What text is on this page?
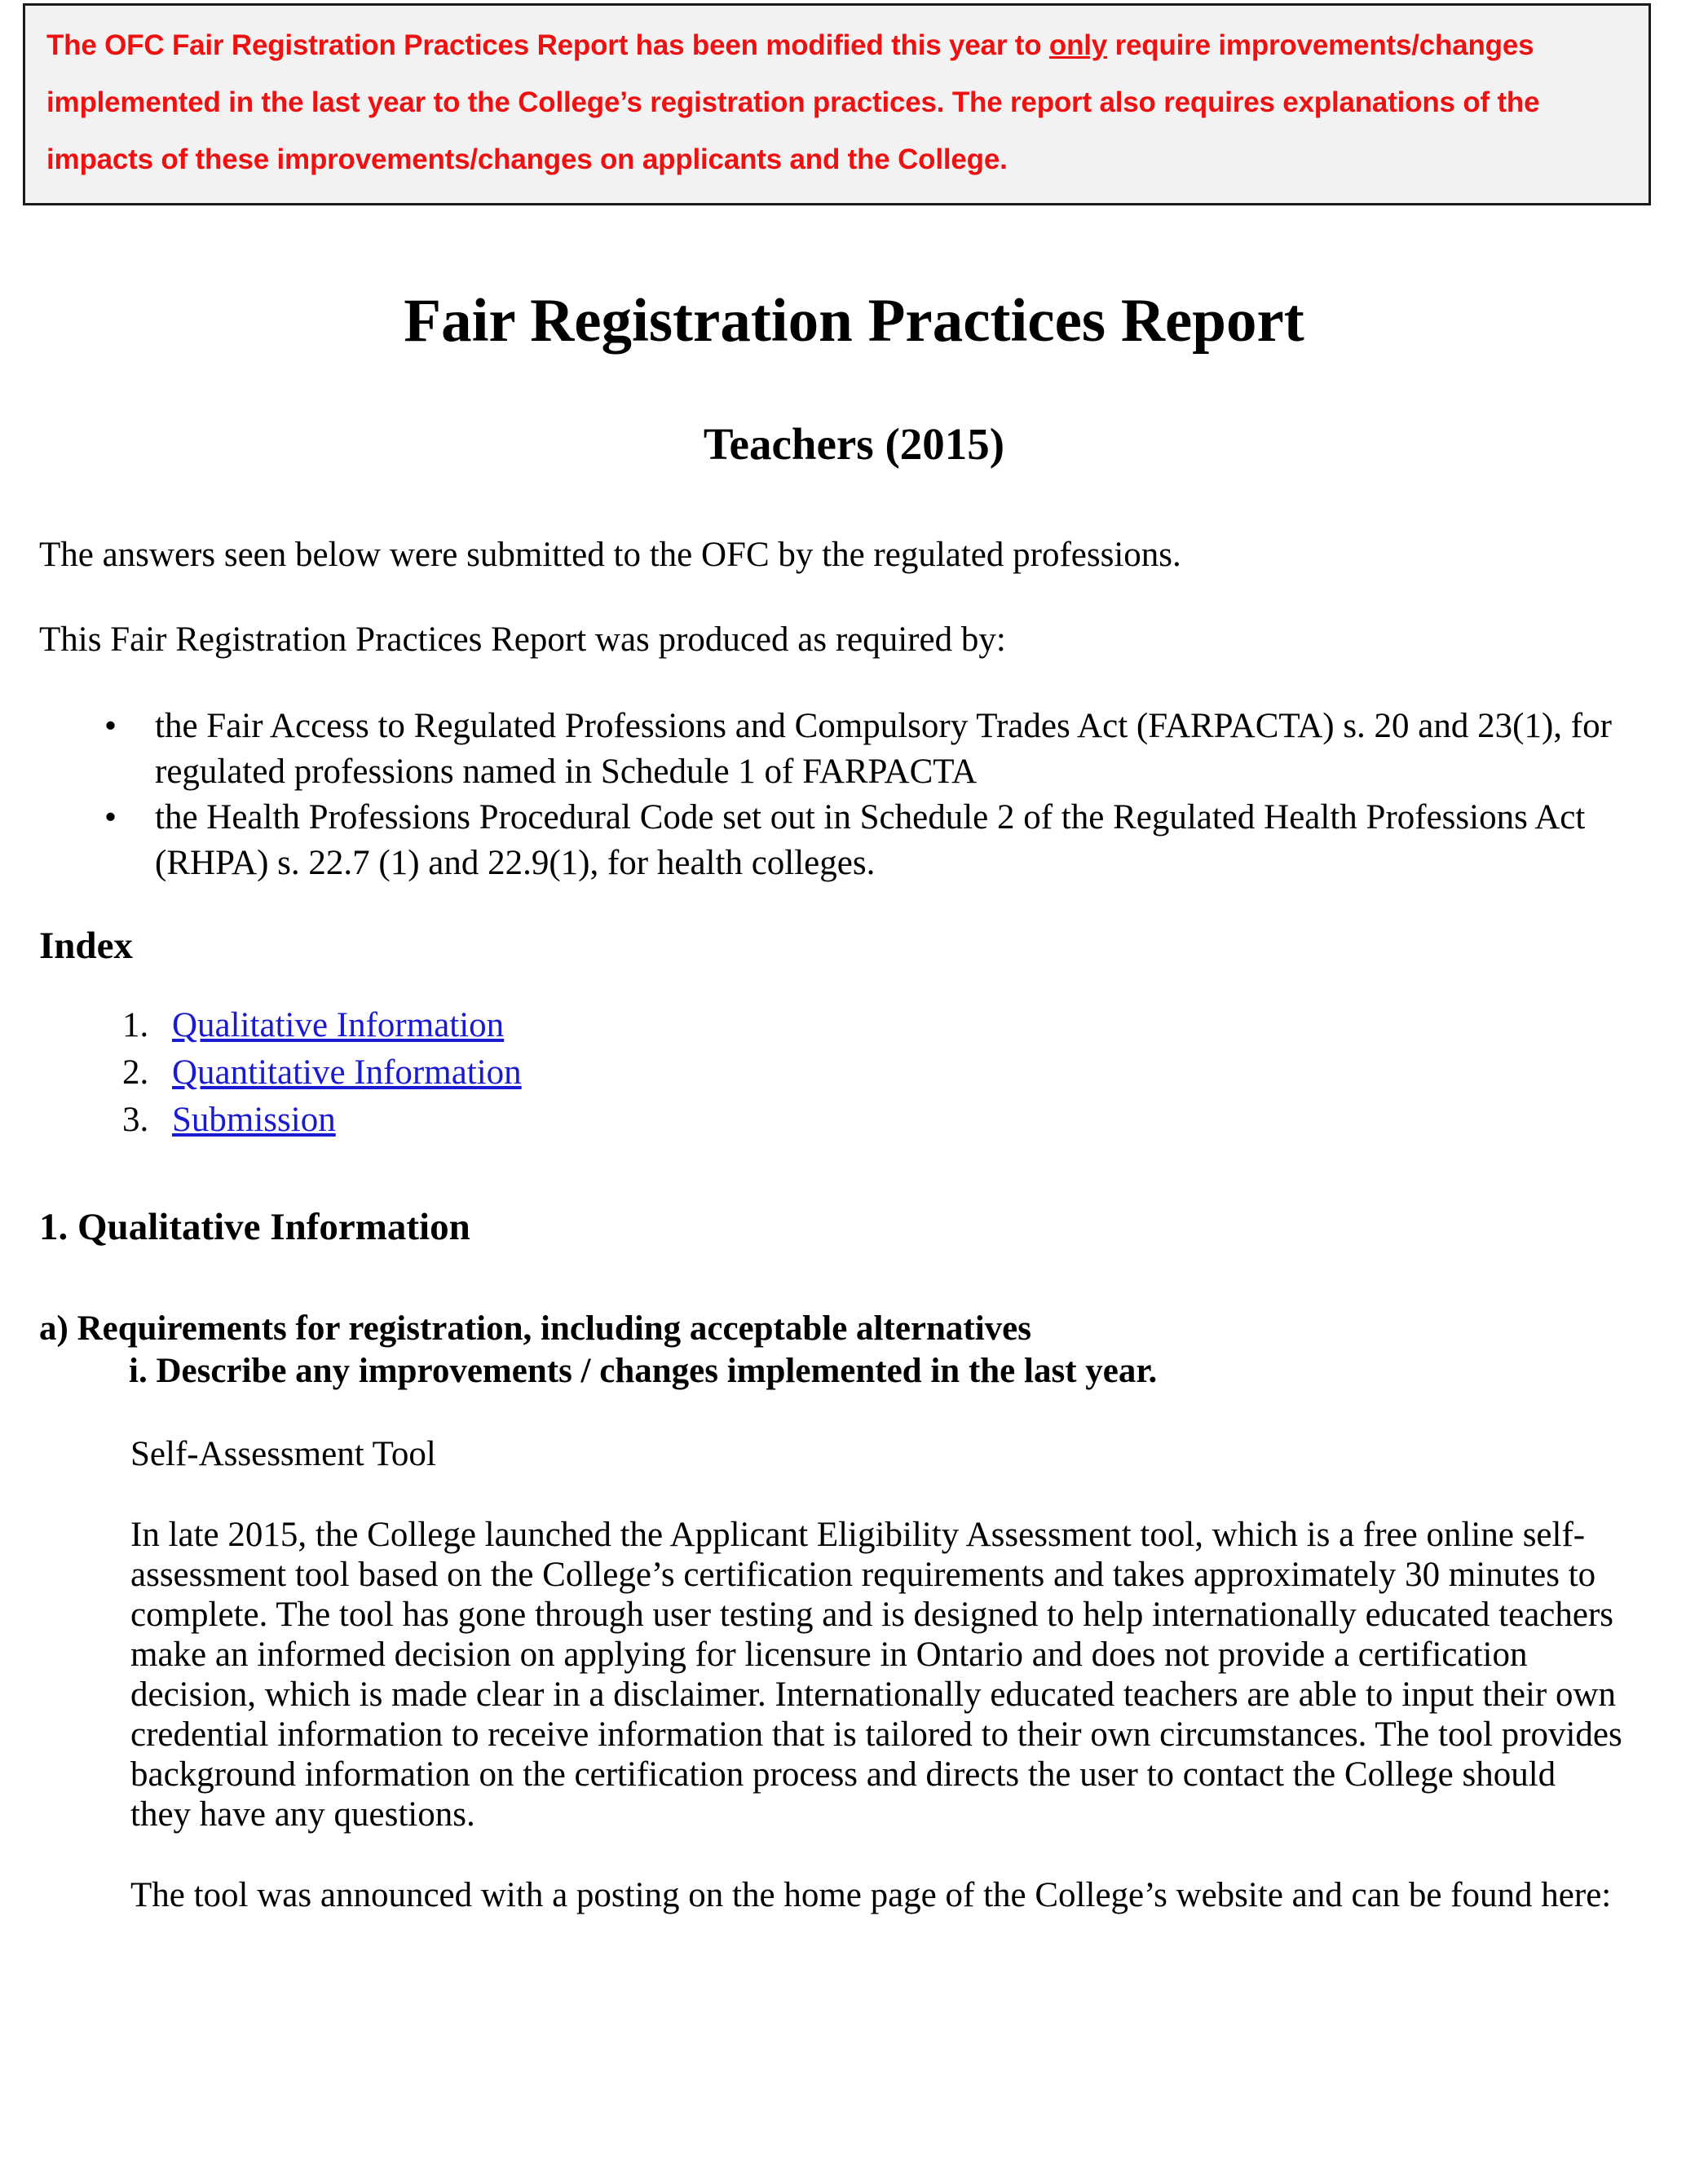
The OFC Fair Registration Practices Report has been modified this year to only require improvements/changes implemented in the last year to the College’s registration practices. The report also requires explanations of the impacts of these improvements/changes on applicants and the College.

Fair Registration Practices Report
Teachers (2015)

The answers seen below were submitted to the OFC by the regulated professions.

This Fair Registration Practices Report was produced as required by:

• the Fair Access to Regulated Professions and Compulsory Trades Act (FARPACTA) s. 20 and 23(1), for regulated professions named in Schedule 1 of FARPACTA
• the Health Professions Procedural Code set out in Schedule 2 of the Regulated Health Professions Act (RHPA) s. 22.7 (1) and 22.9(1), for health colleges.
Index
1. Qualitative Information
2. Quantitative Information
3. Submission
1. Qualitative Information
a) Requirements for registration, including acceptable alternatives
i. Describe any improvements / changes implemented in the last year.

Self-Assessment Tool

In late 2015, the College launched the Applicant Eligibility Assessment tool, which is a free online self-assessment tool based on the College’s certification requirements and takes approximately 30 minutes to complete. The tool has gone through user testing and is designed to help internationally educated teachers make an informed decision on applying for licensure in Ontario and does not provide a certification decision, which is made clear in a disclaimer. Internationally educated teachers are able to input their own credential information to receive information that is tailored to their own circumstances. The tool provides background information on the certification process and directs the user to contact the College should they have any questions.

The tool was announced with a posting on the home page of the College’s website and can be found here:
